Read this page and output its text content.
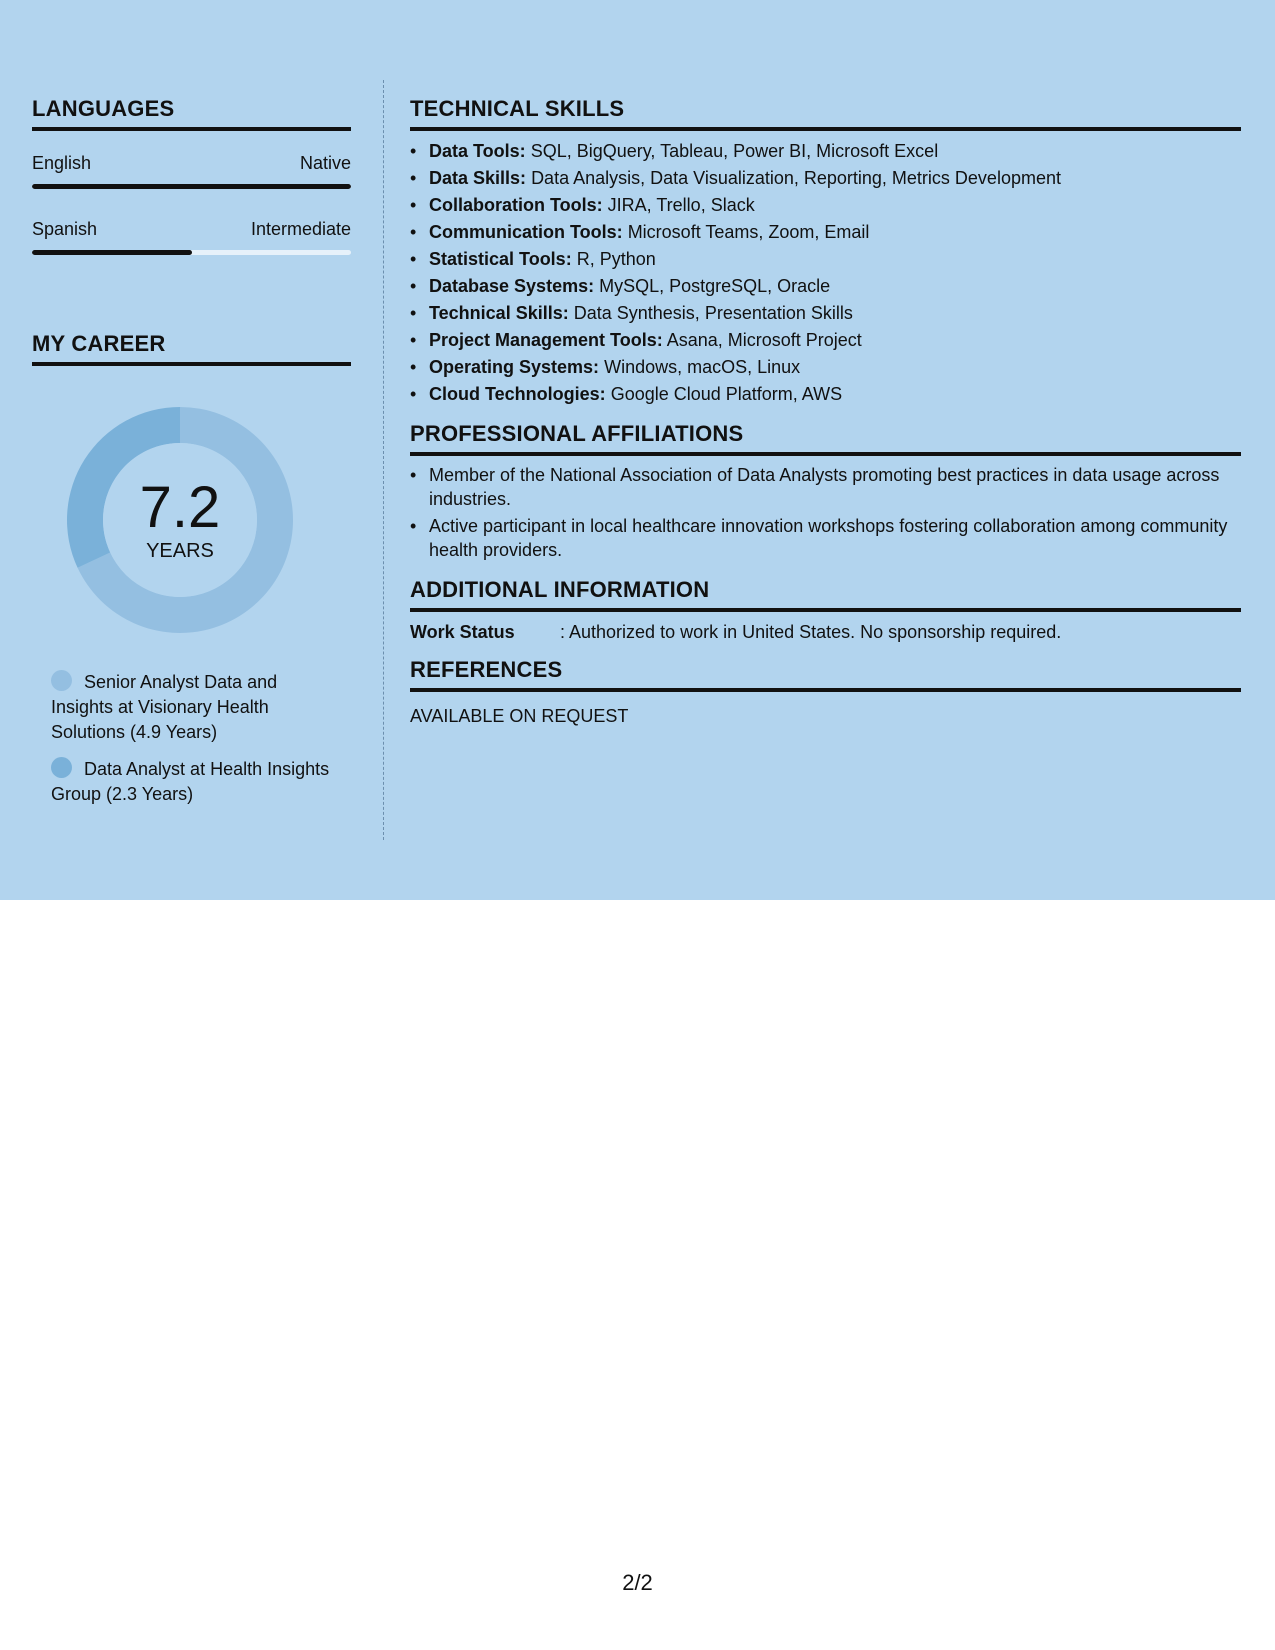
LANGUAGES
English	Native
Spanish	Intermediate
MY CAREER
7.2
YEARS
Senior Analyst Data and Insights at Visionary Health Solutions (4.9 Years)
Data Analyst at Health Insights Group (2.3 Years)
TECHNICAL SKILLS
• Data Tools: SQL, BigQuery, Tableau, Power BI, Microsoft Excel
• Data Skills: Data Analysis, Data Visualization, Reporting, Metrics Development
• Collaboration Tools: JIRA, Trello, Slack
• Communication Tools: Microsoft Teams, Zoom, Email
• Statistical Tools: R, Python
• Database Systems: MySQL, PostgreSQL, Oracle
• Technical Skills: Data Synthesis, Presentation Skills
• Project Management Tools: Asana, Microsoft Project
• Operating Systems: Windows, macOS, Linux
• Cloud Technologies: Google Cloud Platform, AWS
PROFESSIONAL AFFILIATIONS
• Member of the National Association of Data Analysts promoting best practices in data usage across industries.
• Active participant in local healthcare innovation workshops fostering collaboration among community health providers.
ADDITIONAL INFORMATION
Work Status	: Authorized to work in United States. No sponsorship required.
REFERENCES
AVAILABLE ON REQUEST
2/2
